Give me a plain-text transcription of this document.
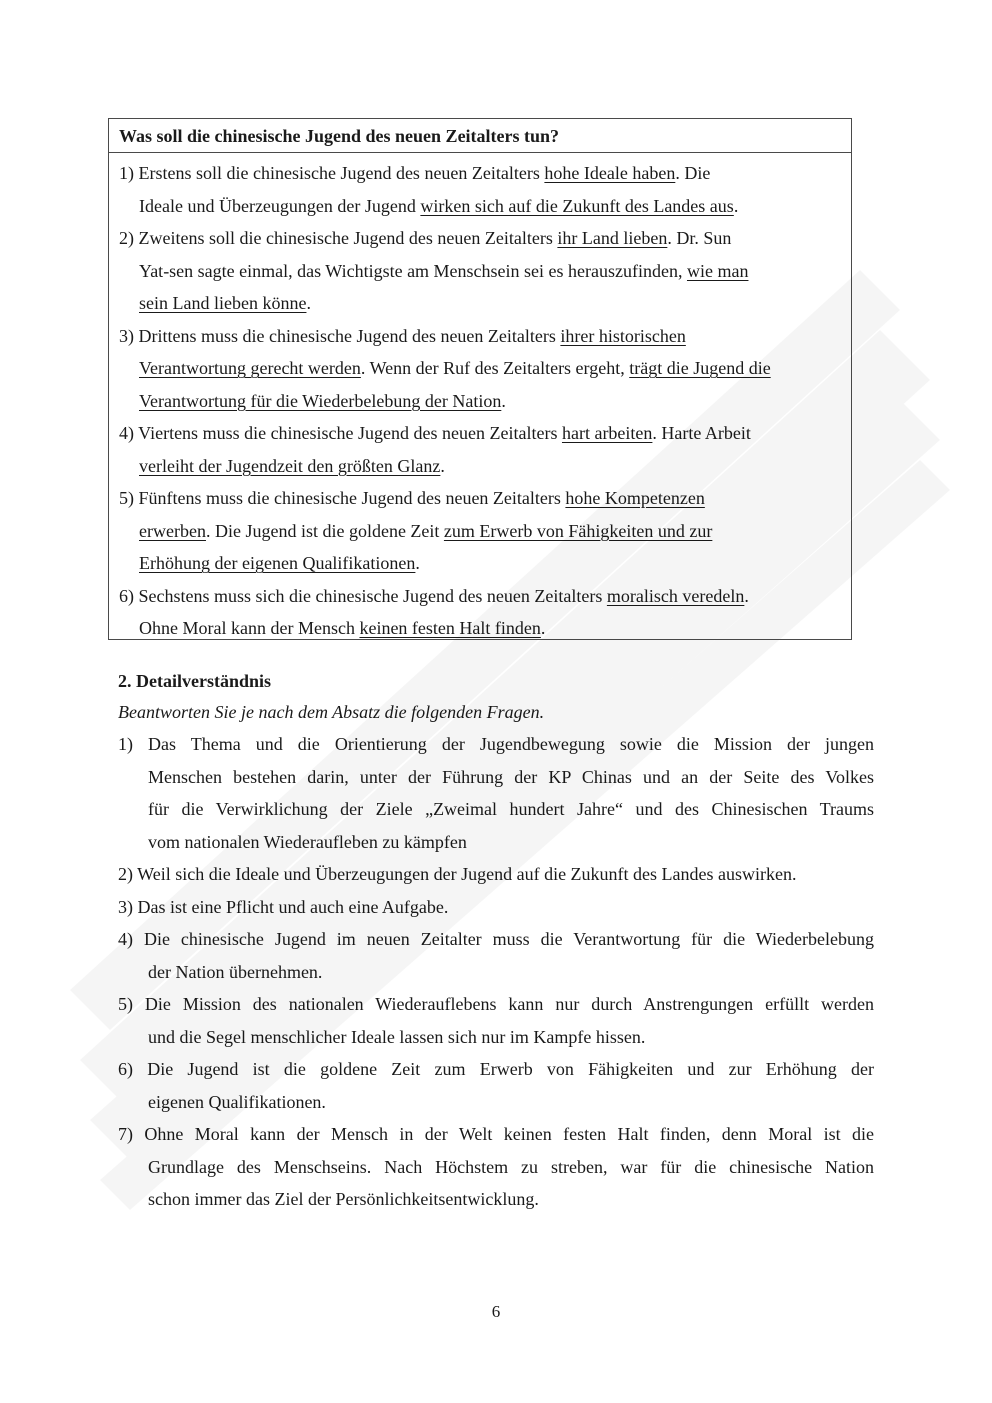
Was soll die chinesische Jugend des neuen Zeitalters tun?
1) Erstens soll die chinesische Jugend des neuen Zeitalters hohe Ideale haben. Die
Ideale und Überzeugungen der Jugend wirken sich auf die Zukunft des Landes aus.
2) Zweitens soll die chinesische Jugend des neuen Zeitalters ihr Land lieben. Dr. Sun
Yat-sen sagte einmal, das Wichtigste am Menschsein sei es herauszufinden, wie man
sein Land lieben könne.
3) Drittens muss die chinesische Jugend des neuen Zeitalters ihrer historischen
Verantwortung gerecht werden. Wenn der Ruf des Zeitalters ergeht, trägt die Jugend die
Verantwortung für die Wiederbelebung der Nation.
4) Viertens muss die chinesische Jugend des neuen Zeitalters hart arbeiten. Harte Arbeit
verleiht der Jugendzeit den größten Glanz.
5) Fünftens muss die chinesische Jugend des neuen Zeitalters hohe Kompetenzen
erwerben. Die Jugend ist die goldene Zeit zum Erwerb von Fähigkeiten und zur
Erhöhung der eigenen Qualifikationen.
6) Sechstens muss sich die chinesische Jugend des neuen Zeitalters moralisch veredeln.
Ohne Moral kann der Mensch keinen festen Halt finden.
2. Detailverständnis
Beantworten Sie je nach dem Absatz die folgenden Fragen.
1) Das Thema und die Orientierung der Jugendbewegung sowie die Mission der jungen
Menschen bestehen darin, unter der Führung der KP Chinas und an der Seite des Volkes
für die Verwirklichung der Ziele „Zweimal hundert Jahre“ und des Chinesischen Traums
vom nationalen Wiederaufleben zu kämpfen
2) Weil sich die Ideale und Überzeugungen der Jugend auf die Zukunft des Landes auswirken.
3) Das ist eine Pflicht und auch eine Aufgabe.
4) Die chinesische Jugend im neuen Zeitalter muss die Verantwortung für die Wiederbelebung
der Nation übernehmen.
5) Die Mission des nationalen Wiederauflebens kann nur durch Anstrengungen erfüllt werden
und die Segel menschlicher Ideale lassen sich nur im Kampfe hissen.
6) Die Jugend ist die goldene Zeit zum Erwerb von Fähigkeiten und zur Erhöhung der
eigenen Qualifikationen.
7) Ohne Moral kann der Mensch in der Welt keinen festen Halt finden, denn Moral ist die
Grundlage des Menschseins. Nach Höchstem zu streben, war für die chinesische Nation
schon immer das Ziel der Persönlichkeitsentwicklung.
6
